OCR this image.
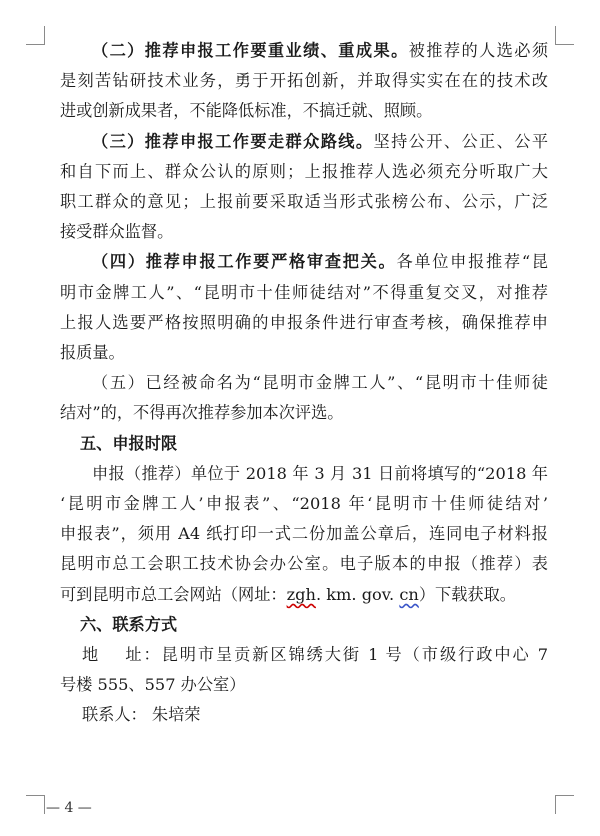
（二）推荐申报工作要重业绩、重成果。被推荐的人选必须
是刻苦钻研技术业务，勇于开拓创新，并取得实实在在的技术改
进或创新成果者，不能降低标准，不搞迁就、照顾。
（三）推荐申报工作要走群众路线。坚持公开、公正、公平
和自下而上、群众公认的原则；上报推荐人选必须充分听取广大
职工群众的意见；上报前要采取适当形式张榜公布、公示，广泛
接受群众监督。
（四）推荐申报工作要严格审查把关。各单位申报推荐“昆
明市金牌工人”、“昆明市十佳师徒结对”不得重复交叉，对推荐
上报人选要严格按照明确的申报条件进行审查考核，确保推荐申
报质量。
（五）已经被命名为“昆明市金牌工人”、“昆明市十佳师徒
结对”的，不得再次推荐参加本次评选。
五、申报时限
申报（推荐）单位于 2018 年 3 月 31 日前将填写的“2018 年
‘昆明市金牌工人’申报表”、“2018 年‘昆明市十佳师徒结对’
申报表”，须用 A4 纸打印一式二份加盖公章后，连同电子材料报
昆明市总工会职工技术协会办公室。电子版本的申报（推荐）表
可到昆明市总工会网站（网址：zgh. km. gov. cn）下载获取。
六、联系方式
地　 址：昆明市呈贡新区锦绣大街 1 号（市级行政中心 7
号楼 555、557 办公室）
联系人： 朱培荣
— 4 —
